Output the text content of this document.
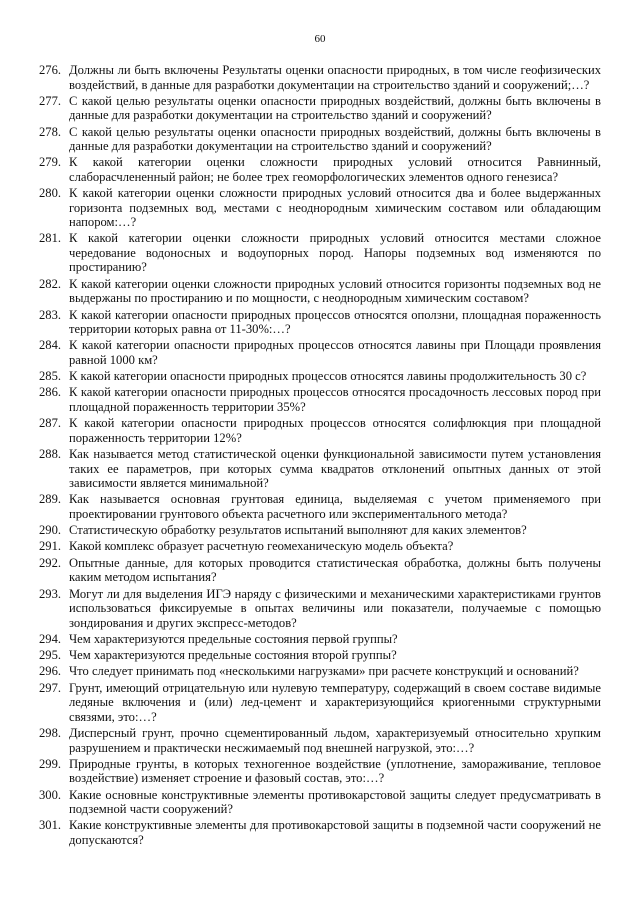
60
276. Должны ли быть включены Результаты оценки опасности природных, в том числе геофизических воздействий, в данные для разработки документации на строительство зданий и сооружений;…?
277. С какой целью результаты оценки опасности природных воздействий, должны быть включены в данные для разработки документации на строительство зданий и сооружений?
278. С какой целью результаты оценки опасности природных воздействий, должны быть включены в данные для разработки документации на строительство зданий и сооружений?
279. К какой категории оценки сложности природных условий относится Равнинный, слаборасчлененный район; не более трех геоморфологических элементов одного генезиса?
280. К какой категории оценки сложности природных условий относится два и более выдержанных горизонта подземных вод, местами с неоднородным химическим составом или обладающим напором:…?
281. К какой категории оценки сложности природных условий относится местами сложное чередование водоносных и водоупорных пород. Напоры подземных вод изменяются по простиранию?
282. К какой категории оценки сложности природных условий относится горизонты подземных вод не выдержаны по простиранию и по мощности, с неоднородным химическим составом?
283. К какой категории опасности природных процессов относятся оползни, площадная пораженность территории которых равна от 11-30%:…?
284. К какой категории опасности природных процессов относятся лавины при Площади проявления равной 1000 км?
285. К какой категории опасности природных процессов относятся лавины продолжительность 30 с?
286. К какой категории опасности природных процессов относятся просадочность лессовых пород при площадной пораженность территории 35%?
287. К какой категории опасности природных процессов относятся солифлюкция при площадной пораженность территории 12%?
288. Как называется метод статистической оценки функциональной зависимости путем установления таких ее параметров, при которых сумма квадратов отклонений опытных данных от этой зависимости является минимальной?
289. Как называется основная грунтовая единица, выделяемая с учетом применяемого при проектировании грунтового объекта расчетного или экспериментального метода?
290. Статистическую обработку результатов испытаний выполняют для каких элементов?
291. Какой комплекс образует расчетную геомеханическую модель объекта?
292. Опытные данные, для которых проводится статистическая обработка, должны быть получены каким методом испытания?
293. Могут ли для выделения ИГЭ наряду с физическими и механическими характеристиками грунтов использоваться фиксируемые в опытах величины или показатели, получаемые с помощью зондирования и других экспресс-методов?
294. Чем характеризуются предельные состояния первой группы?
295. Чем характеризуются предельные состояния второй группы?
296. Что следует принимать под «несколькими нагрузками» при расчете конструкций и оснований?
297. Грунт, имеющий отрицательную или нулевую температуру, содержащий в своем составе видимые ледяные включения и (или) лед-цемент и характеризующийся криогенными структурными связями, это:…?
298. Дисперсный грунт, прочно сцементированный льдом, характеризуемый относительно хрупким разрушением и практически несжимаемый под внешней нагрузкой, это:…?
299. Природные грунты, в которых техногенное воздействие (уплотнение, замораживание, тепловое воздействие) изменяет строение и фазовый состав, это:…?
300. Какие основные конструктивные элементы противокарстовой защиты следует предусматривать в подземной части сооружений?
301. Какие конструктивные элементы для противокарстовой защиты в подземной части сооружений не допускаются?
